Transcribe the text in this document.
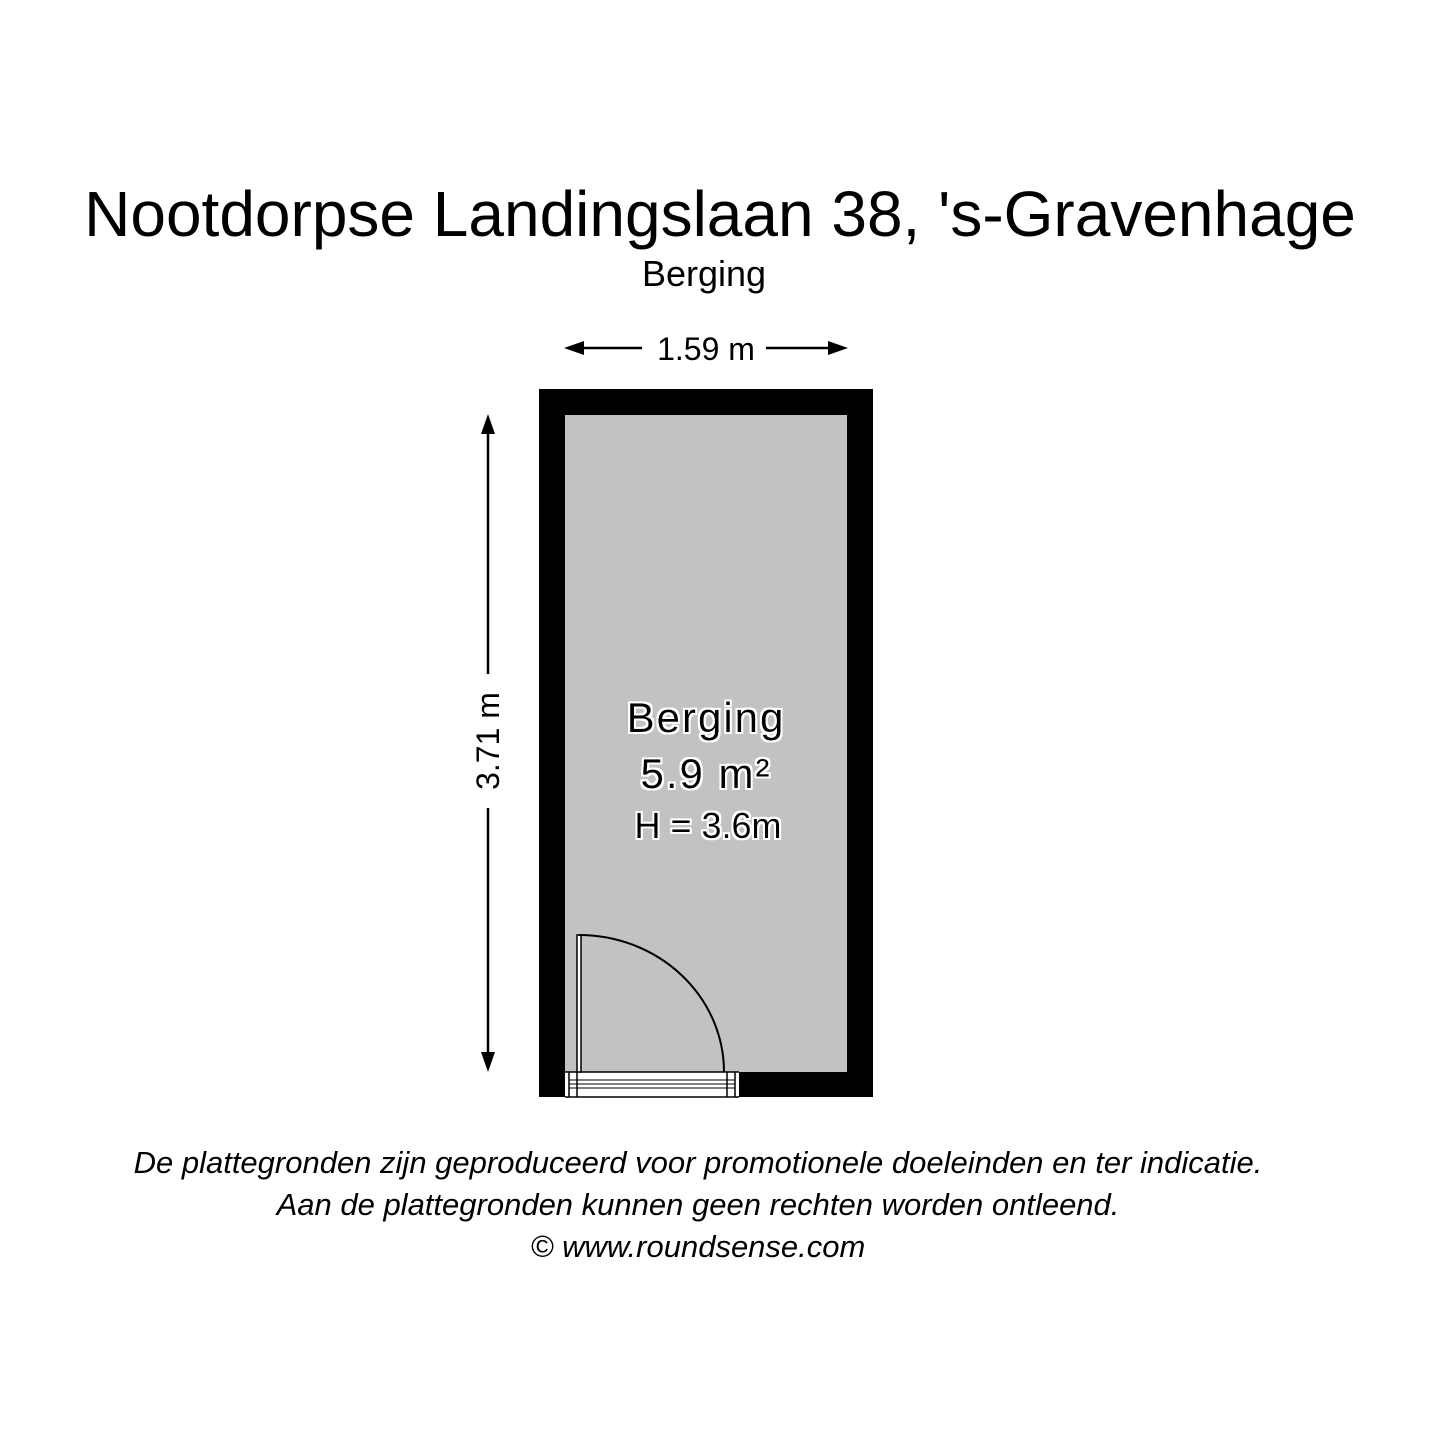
Nootdorpse Landingslaan 38, 's-Gravenhage
Berging
1.59 m
3.71 m	Berging
5.9 m²
H = 3.6m
De plattegronden zijn geproduceerd voor promotionele doeleinden en ter indicatie.
Aan de plattegronden kunnen geen rechten worden ontleend.
© www.roundsense.com
